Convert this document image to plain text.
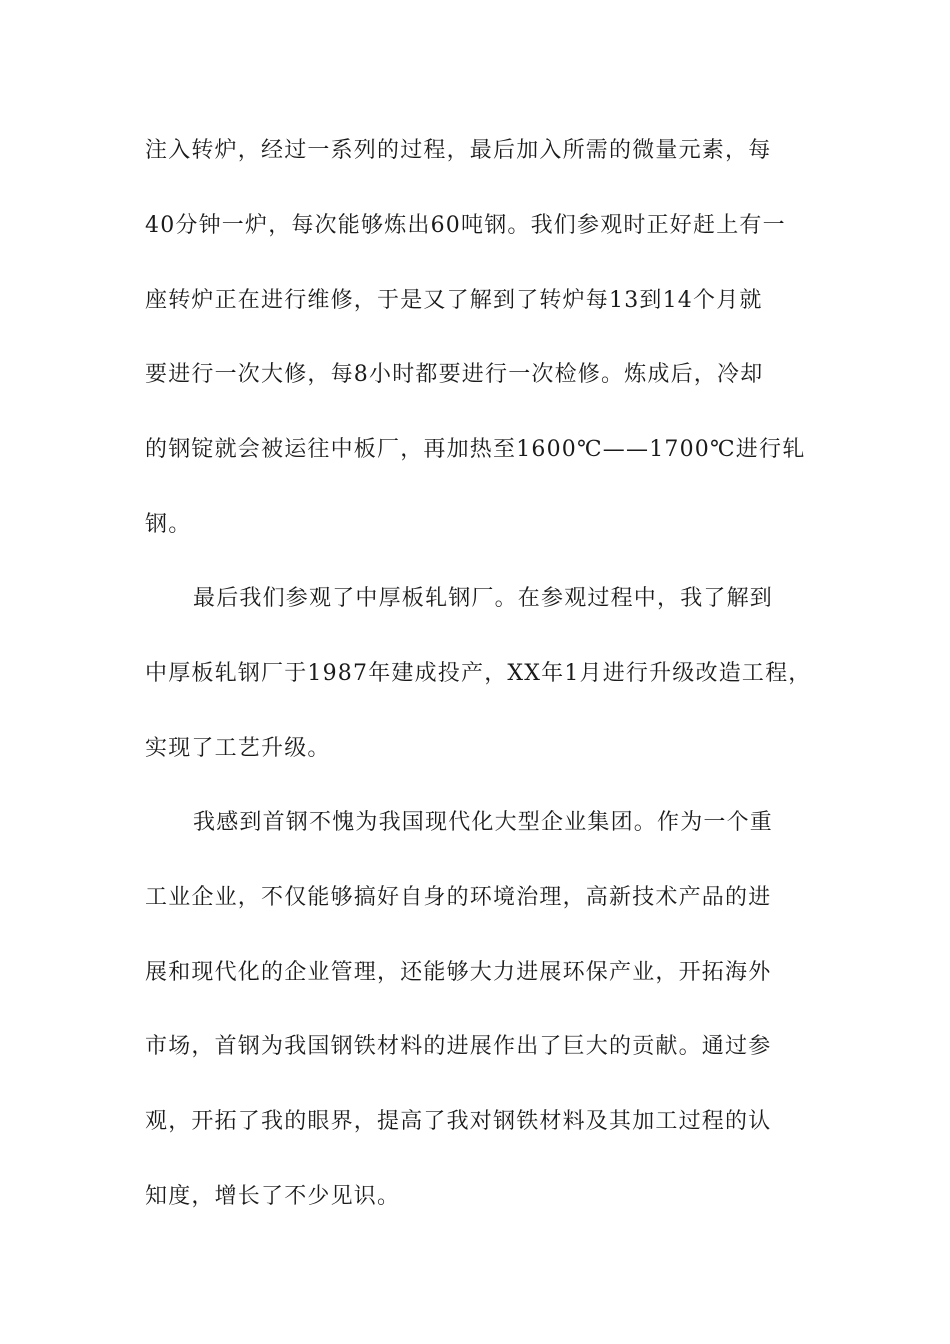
注入转炉，经过一系列的过程，最后加入所需的微量元素，每
40分钟一炉，每次能够炼出60吨钢。我们参观时正好赶上有一
座转炉正在进行维修，于是又了解到了转炉每13到14个月就
要进行一次大修，每8小时都要进行一次检修。炼成后，冷却
的钢锭就会被运往中板厂，再加热至1600℃——1700℃进行轧
钢。
最后我们参观了中厚板轧钢厂。在参观过程中，我了解到
中厚板轧钢厂于1987年建成投产，XX年1月进行升级改造工程，
实现了工艺升级。
我感到首钢不愧为我国现代化大型企业集团。作为一个重
工业企业，不仅能够搞好自身的环境治理，高新技术产品的进
展和现代化的企业管理，还能够大力进展环保产业，开拓海外
市场，首钢为我国钢铁材料的进展作出了巨大的贡献。通过参
观，开拓了我的眼界，提高了我对钢铁材料及其加工过程的认
知度，增长了不少见识。
